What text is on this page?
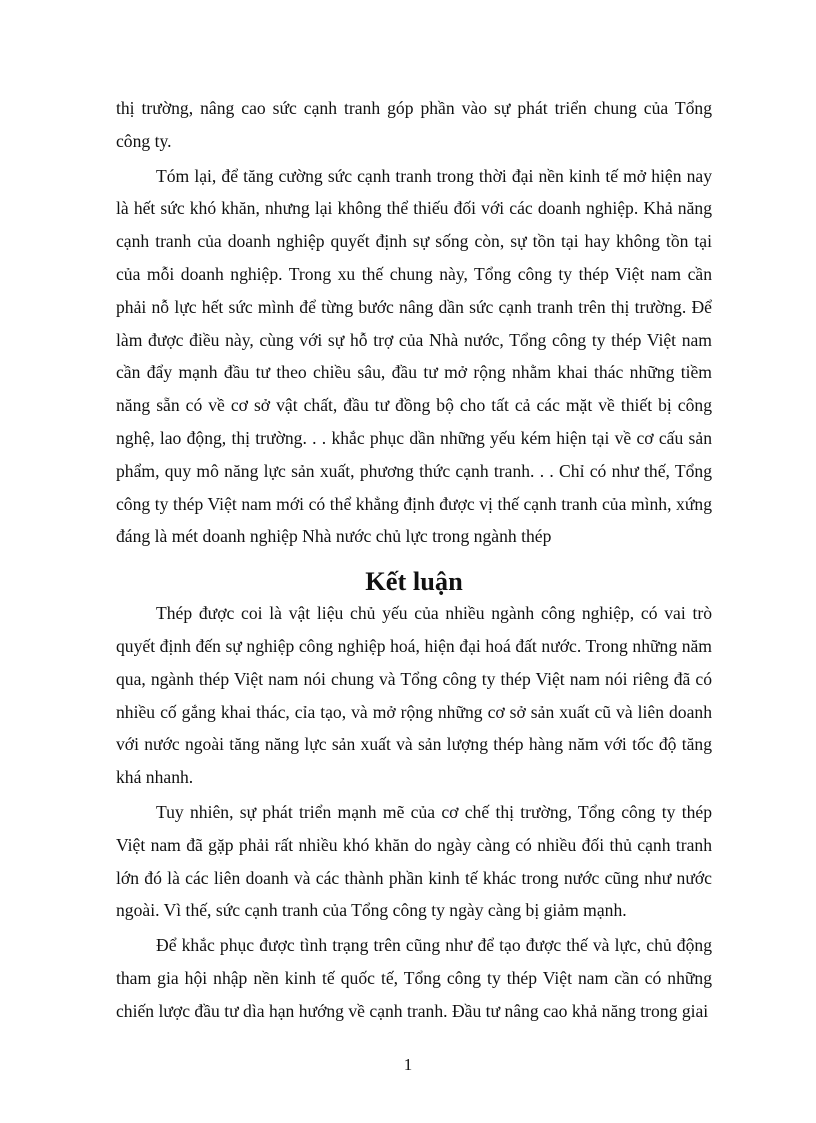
thị trường, nâng cao sức cạnh tranh góp phần vào sự phát triển chung của Tổng công ty.

Tóm lại, để tăng cường sức cạnh tranh trong thời đại nền kinh tế mở hiện nay là hết sức khó khăn, nhưng lại không thể thiếu đối với các doanh nghiệp. Khả năng cạnh tranh của doanh nghiệp quyết định sự sống còn, sự tồn tại hay không tồn tại của mỗi doanh nghiệp. Trong xu thế chung này, Tổng công ty thép Việt nam cần phải nỗ lực hết sức mình để từng bước nâng dần sức cạnh tranh trên thị trường. Để làm được điều này, cùng với sự hỗ trợ của Nhà nước, Tổng công ty thép Việt nam cần đẩy mạnh đầu tư theo chiều sâu, đầu tư mở rộng nhằm khai thác những tiềm năng sẵn có về cơ sở vật chất, đầu tư đồng bộ cho tất cả các mặt về thiết bị công nghệ, lao động, thị trường. . . khắc phục dần những yếu kém hiện tại về cơ cấu sản phẩm, quy mô năng lực sản xuất, phương thức cạnh tranh. . . Chỉ có như thế, Tổng công ty thép Việt nam mới có thể khẳng định được vị thế cạnh tranh của mình, xứng đáng là mét doanh nghiệp Nhà nước chủ lực trong ngành thép

Kết luận

Thép được coi là vật liệu chủ yếu của nhiều ngành công nghiệp, có vai trò quyết định đến sự nghiệp công nghiệp hoá, hiện đại hoá đất nước. Trong những năm qua, ngành thép Việt nam nói chung và Tổng công ty thép Việt nam nói riêng đã có nhiều cố gắng khai thác, cỉa tạo, và mở rộng những cơ sở sản xuất cũ và liên doanh với nước ngoài tăng năng lực sản xuất và sản lượng thép hàng năm với tốc độ tăng khá nhanh.

Tuy nhiên, sự phát triển mạnh mẽ của cơ chế thị trường, Tổng công ty thép Việt nam đã gặp phải rất nhiều khó khăn do ngày càng có nhiều đối thủ cạnh tranh lớn đó là các liên doanh và các thành phần kinh tế khác trong nước cũng như nước ngoài. Vì thế, sức cạnh tranh của Tổng công ty ngày càng bị giảm mạnh.

Để khắc phục được tình trạng trên cũng như để tạo được thế và lực, chủ động tham gia hội nhập nền kinh tế quốc tế, Tổng công ty thép Việt nam cần có những chiến lược đầu tư dìa hạn hướng về cạnh tranh. Đầu tư nâng cao khả năng trong giai

1
